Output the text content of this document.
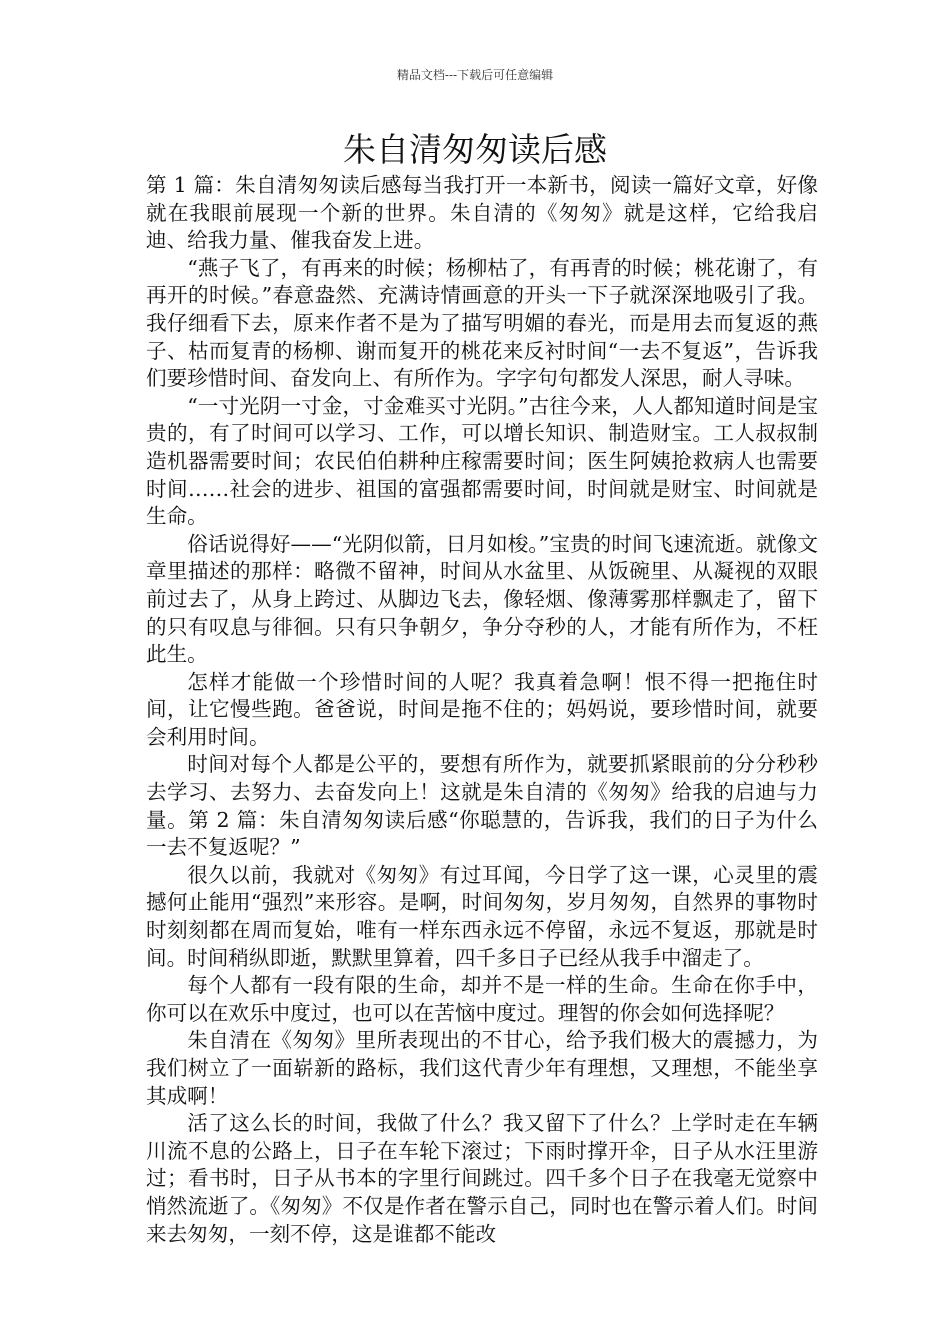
精品文档---下载后可任意编辑
朱自清匆匆读后感

第 1 篇：朱自清匆匆读后感每当我打开一本新书，阅读一篇好文章，好像就在我眼前展现一个新的世界。朱自清的《匆匆》就是这样，它给我启迪、给我力量、催我奋发上进。

“燕子飞了，有再来的时候；杨柳枯了，有再青的时候；桃花谢了，有再开的时候。”春意盎然、充满诗情画意的开头一下子就深深地吸引了我。我仔细看下去，原来作者不是为了描写明媚的春光，而是用去而复返的燕子、枯而复青的杨柳、谢而复开的桃花来反衬时间“一去不复返”，告诉我们要珍惜时间、奋发向上、有所作为。字字句句都发人深思，耐人寻味。

“一寸光阴一寸金，寸金难买寸光阴。”古往今来，人人都知道时间是宝贵的，有了时间可以学习、工作，可以增长知识、制造财宝。工人叔叔制造机器需要时间；农民伯伯耕种庄稼需要时间；医生阿姨抢救病人也需要时间……社会的进步、祖国的富强都需要时间，时间就是财宝、时间就是生命。

俗话说得好——“光阴似箭，日月如梭。”宝贵的时间飞速流逝。就像文章里描述的那样：略微不留神，时间从水盆里、从饭碗里、从凝视的双眼前过去了，从身上跨过、从脚边飞去，像轻烟、像薄雾那样飘走了，留下的只有叹息与徘徊。只有只争朝夕，争分夺秒的人，才能有所作为，不枉此生。

怎样才能做一个珍惜时间的人呢？我真着急啊！恨不得一把拖住时间，让它慢些跑。爸爸说，时间是拖不住的；妈妈说，要珍惜时间，就要会利用时间。

时间对每个人都是公平的，要想有所作为，就要抓紧眼前的分分秒秒去学习、去努力、去奋发向上！这就是朱自清的《匆匆》给我的启迪与力量。第 2 篇：朱自清匆匆读后感“你聪慧的，告诉我，我们的日子为什么一去不复返呢？”

很久以前，我就对《匆匆》有过耳闻，今日学了这一课，心灵里的震撼何止能用“强烈”来形容。是啊，时间匆匆，岁月匆匆，自然界的事物时时刻刻都在周而复始，唯有一样东西永远不停留，永远不复返，那就是时间。时间稍纵即逝，默默里算着，四千多日子已经从我手中溜走了。

每个人都有一段有限的生命，却并不是一样的生命。生命在你手中，你可以在欢乐中度过，也可以在苦恼中度过。理智的你会如何选择呢？

朱自清在《匆匆》里所表现出的不甘心，给予我们极大的震撼力，为我们树立了一面崭新的路标，我们这代青少年有理想，又理想，不能坐享其成啊！

活了这么长的时间，我做了什么？我又留下了什么？上学时走在车辆川流不息的公路上，日子在车轮下滚过；下雨时撑开伞，日子从水汪里游过；看书时，日子从书本的字里行间跳过。四千多个日子在我毫无觉察中悄然流逝了。《匆匆》不仅是作者在警示自己，同时也在警示着人们。时间来去匆匆，一刻不停，这是谁都不能改
